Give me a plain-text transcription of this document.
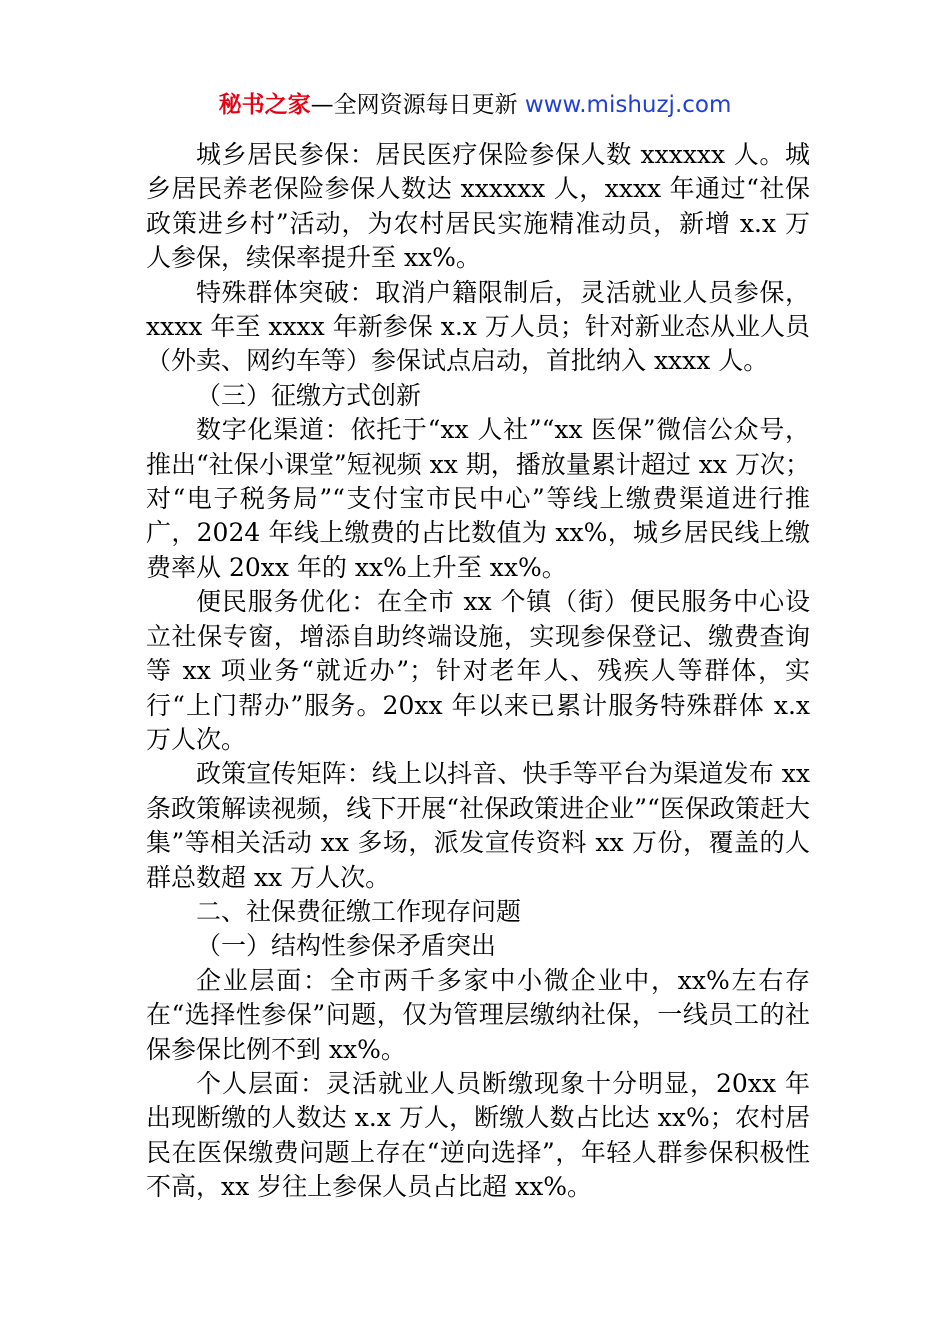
秘书之家—全网资源每日更新 www.mishuzj.com

城乡居民参保：居民医疗保险参保人数 xxxxxx 人。城乡居民养老保险参保人数达 xxxxxx 人，xxxx 年通过“社保政策进乡村”活动，为农村居民实施精准动员，新增 x.x 万人参保，续保率提升至 xx%。

特殊群体突破：取消户籍限制后，灵活就业人员参保，xxxx 年至 xxxx 年新参保 x.x 万人员；针对新业态从业人员（外卖、网约车等）参保试点启动，首批纳入 xxxx 人。

（三）征缴方式创新

数字化渠道：依托于“xx 人社”“xx 医保”微信公众号，推出“社保小课堂”短视频 xx 期，播放量累计超过 xx 万次；对“电子税务局”“支付宝市民中心”等线上缴费渠道进行推广，2024 年线上缴费的占比数值为 xx%，城乡居民线上缴费率从 20xx 年的 xx%上升至 xx%。

便民服务优化：在全市 xx 个镇（街）便民服务中心设立社保专窗，增添自助终端设施，实现参保登记、缴费查询等 xx 项业务“就近办”；针对老年人、残疾人等群体，实行“上门帮办”服务。20xx 年以来已累计服务特殊群体 x.x 万人次。

政策宣传矩阵：线上以抖音、快手等平台为渠道发布 xx 条政策解读视频，线下开展“社保政策进企业”“医保政策赶大集”等相关活动 xx 多场，派发宣传资料 xx 万份，覆盖的人群总数超 xx 万人次。

二、社保费征缴工作现存问题

（一）结构性参保矛盾突出

企业层面：全市两千多家中小微企业中，xx%左右存在“选择性参保”问题，仅为管理层缴纳社保，一线员工的社保参保比例不到 xx%。

个人层面：灵活就业人员断缴现象十分明显，20xx 年出现断缴的人数达 x.x 万人，断缴人数占比达 xx%；农村居民在医保缴费问题上存在“逆向选择”，年轻人群参保积极性不高，xx 岁往上参保人员占比超 xx%。
